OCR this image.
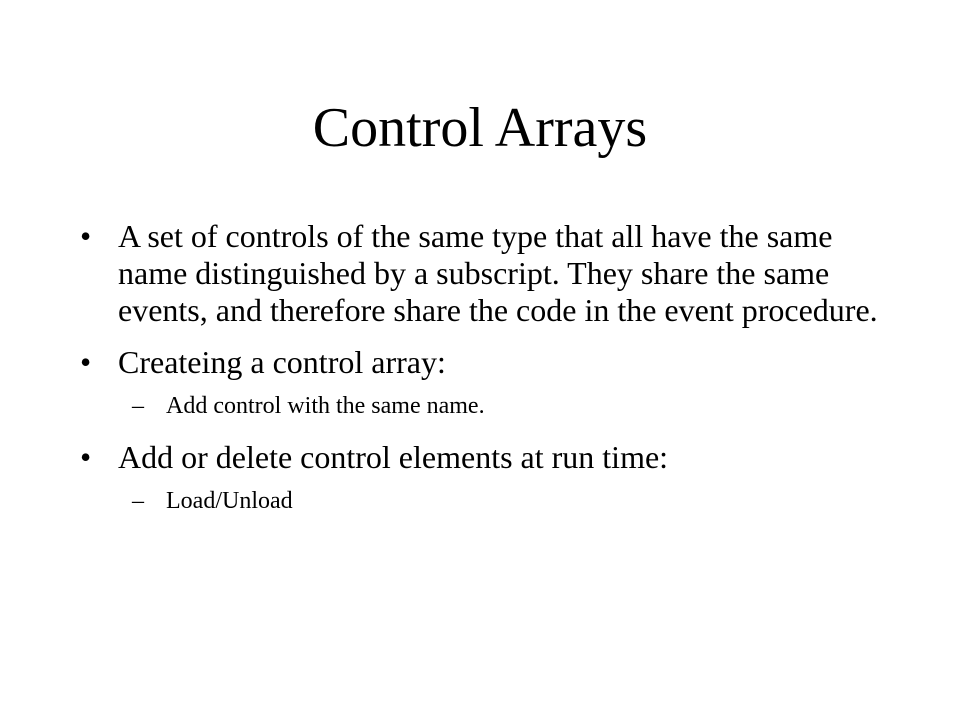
Control Arrays
• A set of controls of the same type that all have the same name distinguished by a subscript. They share the same events, and therefore share the code in the event procedure.
• Createing a control array:
– Add control with the same name.
• Add or delete control elements at run time:
– Load/Unload
